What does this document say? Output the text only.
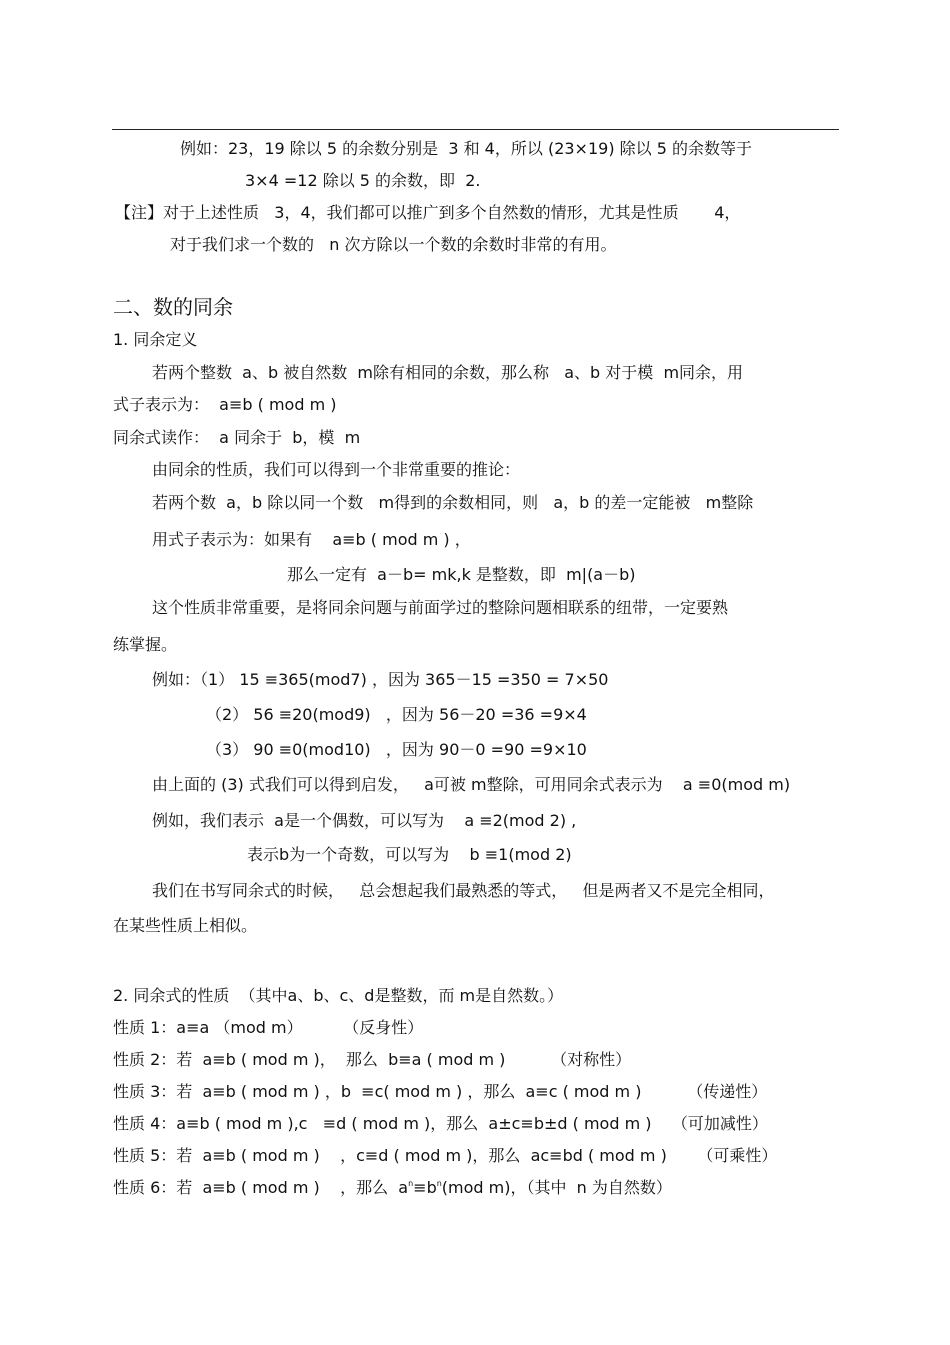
例如：23，19 除以 5 的余数分别是  3 和 4，所以 (23×19) 除以 5 的余数等于
3×4 =12 除以 5 的余数，即  2.
【注】对于上述性质   3，4，我们都可以推广到多个自然数的情形，尤其是性质       4，
对于我们求一个数的   n 次方除以一个数的余数时非常的有用。
二、数的同余
1. 同余定义
若两个整数  a、b 被自然数  m除有相同的余数，那么称   a、b 对于模  m同余，用
式子表示为：  a≡b ( mod m )
同余式读作：  a 同余于  b，模  m
由同余的性质，我们可以得到一个非常重要的推论：
若两个数  a，b 除以同一个数   m得到的余数相同，则   a，b 的差一定能被   m整除
用式子表示为：如果有    a≡b ( mod m ) ，
那么一定有  a－b= mk,k 是整数，即  m|(a－b)
这个性质非常重要，是将同余问题与前面学过的整除问题相联系的纽带，一定要熟
练掌握。
例如：（1） 15 ≡365(mod7) ，因为 365－15 =350 = 7×50
（2） 56 ≡20(mod9)   ，因为 56－20 =36 =9×4
（3） 90 ≡0(mod10)   ，因为 90－0 =90 =9×10
由上面的 (3) 式我们可以得到启发，   a可被 m整除，可用同余式表示为    a ≡0(mod m)
例如，我们表示  a是一个偶数，可以写为    a ≡2(mod 2) ,
表示b为一个奇数，可以写为    b ≡1(mod 2)
我们在书写同余式的时候，   总会想起我们最熟悉的等式，   但是两者又不是完全相同，
在某些性质上相似。
2. 同余式的性质  （其中a、b、c、d是整数，而 m是自然数。）
性质 1：a≡a （mod m）        （反身性）
性质 2：若  a≡b ( mod m )，  那么  b≡a ( mod m )         （对称性）
性质 3：若  a≡b ( mod m ) ，b  ≡c( mod m ) ，那么  a≡c ( mod m )         （传递性）
性质 4：a≡b ( mod m ),c   ≡d ( mod m )，那么  a±c≡b±d ( mod m )    （可加减性）
性质 5：若  a≡b ( mod m )    ，c≡d ( mod m )，那么  ac≡bd ( mod m )      （可乘性）
性质 6：若  a≡b ( mod m )    ，那么  $a^n\equiv b^n(mod$ m)，（其中  n 为自然数）
